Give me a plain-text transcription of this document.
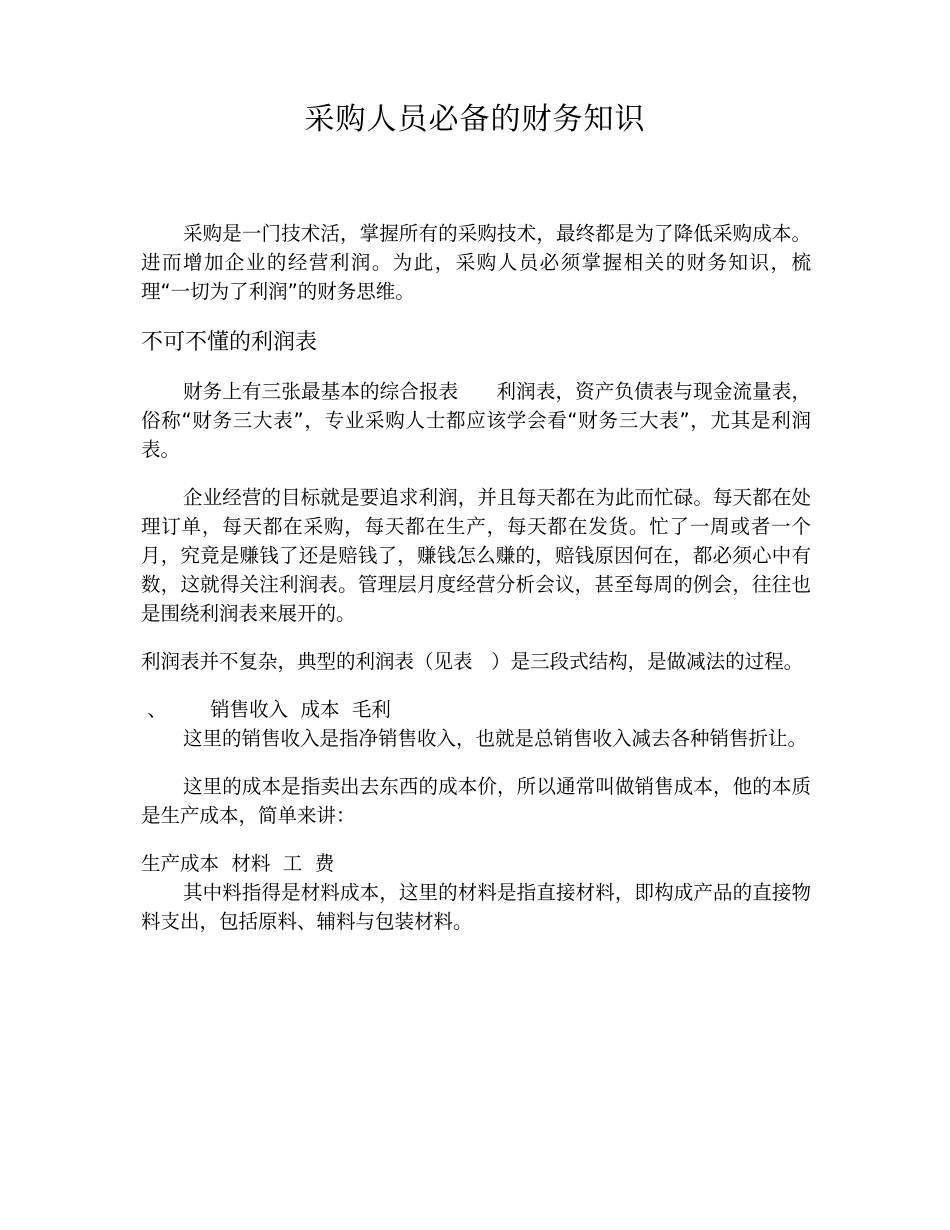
采购人员必备的财务知识

采购是一门技术活，掌握所有的采购技术，最终都是为了降低采购成本。进而增加企业的经营利润。为此，采购人员必须掌握相关的财务知识，梳理“一切为了利润”的财务思维。

不可不懂的利润表

财务上有三张最基本的综合报表      利润表，资产负债表与现金流量表，俗称“财务三大表”，专业采购人士都应该学会看“财务三大表”，尤其是利润表。

企业经营的目标就是要追求利润，并且每天都在为此而忙碌。每天都在处理订单，每天都在采购，每天都在生产，每天都在发货。忙了一周或者一个月，究竟是赚钱了还是赔钱了，赚钱怎么赚的，赔钱原因何在，都必须心中有数，这就得关注利润表。管理层月度经营分析会议，甚至每周的例会，往往也是围绕利润表来展开的。

利润表并不复杂，典型的利润表（见表   ）是三段式结构，是做减法的过程。

、       销售收入  成本  毛利

这里的销售收入是指净销售收入，也就是总销售收入减去各种销售折让。

这里的成本是指卖出去东西的成本价，所以通常叫做销售成本，他的本质是生产成本，简单来讲：

生产成本  材料  工  费

其中料指得是材料成本，这里的材料是指直接材料，即构成产品的直接物料支出，包括原料、辅料与包装材料。
